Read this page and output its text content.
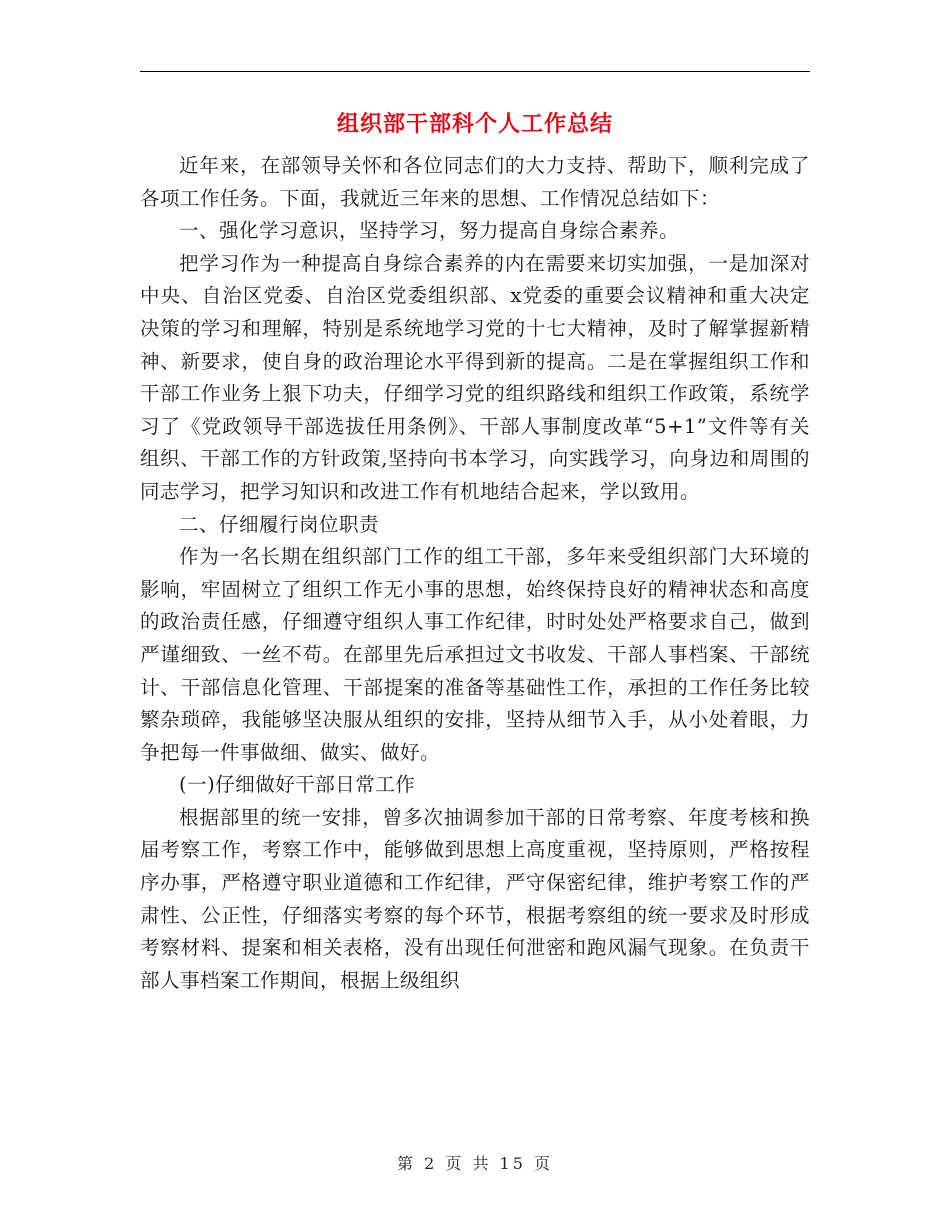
组织部干部科个人工作总结

近年来，在部领导关怀和各位同志们的大力支持、帮助下，顺利完成了各项工作任务。下面，我就近三年来的思想、工作情况总结如下：

一、强化学习意识，坚持学习，努力提高自身综合素养。

把学习作为一种提高自身综合素养的内在需要来切实加强，一是加深对中央、自治区党委、自治区党委组织部、x党委的重要会议精神和重大决定决策的学习和理解，特别是系统地学习党的十七大精神，及时了解掌握新精神、新要求，使自身的政治理论水平得到新的提高。二是在掌握组织工作和干部工作业务上狠下功夫，仔细学习党的组织路线和组织工作政策，系统学习了《党政领导干部选拔任用条例》、干部人事制度改革“5+1”文件等有关组织、干部工作的方针政策,坚持向书本学习，向实践学习，向身边和周围的同志学习，把学习知识和改进工作有机地结合起来，学以致用。

二、仔细履行岗位职责

作为一名长期在组织部门工作的组工干部，多年来受组织部门大环境的影响，牢固树立了组织工作无小事的思想，始终保持良好的精神状态和高度的政治责任感，仔细遵守组织人事工作纪律，时时处处严格要求自己，做到严谨细致、一丝不苟。在部里先后承担过文书收发、干部人事档案、干部统计、干部信息化管理、干部提案的准备等基础性工作，承担的工作任务比较繁杂琐碎，我能够坚决服从组织的安排，坚持从细节入手，从小处着眼，力争把每一件事做细、做实、做好。

(一)仔细做好干部日常工作

根据部里的统一安排，曾多次抽调参加干部的日常考察、年度考核和换届考察工作，考察工作中，能够做到思想上高度重视，坚持原则，严格按程序办事，严格遵守职业道德和工作纪律，严守保密纪律，维护考察工作的严肃性、公正性，仔细落实考察的每个环节，根据考察组的统一要求及时形成考察材料、提案和相关表格，没有出现任何泄密和跑风漏气现象。在负责干部人事档案工作期间，根据上级组织

第 2 页 共 15 页
